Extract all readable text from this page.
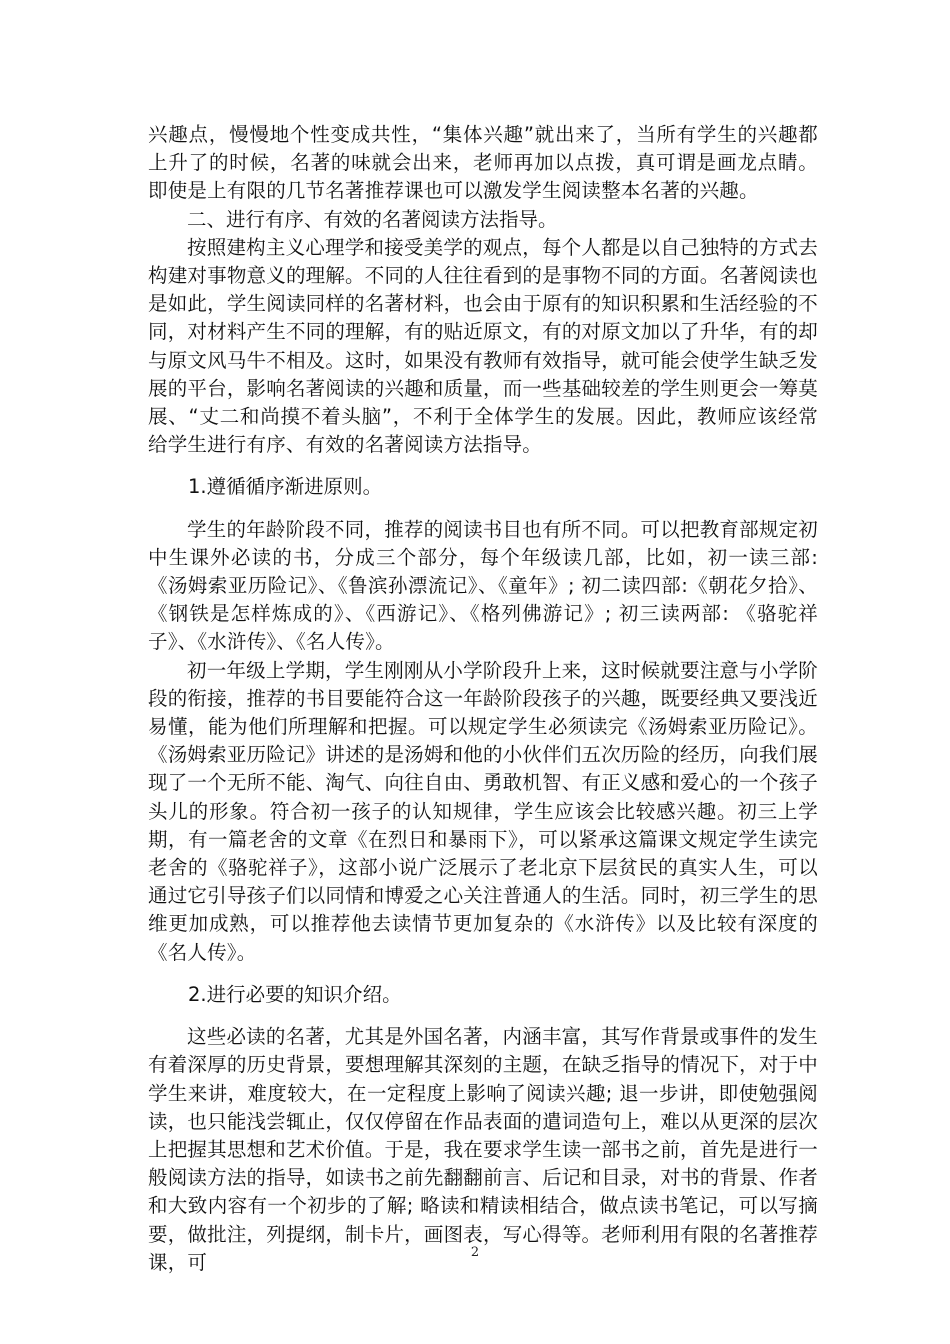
兴趣点，慢慢地个性变成共性，“集体兴趣”就出来了，当所有学生的兴趣都上升了的时候，名著的味就会出来，老师再加以点拨，真可谓是画龙点睛。 即使是上有限的几节名著推荐课也可以激发学生阅读整本名著的兴趣。

二、进行有序、有效的名著阅读方法指导。

按照建构主义心理学和接受美学的观点，每个人都是以自己独特的方式去构建对事物意义的理解。不同的人往往看到的是事物不同的方面。名著阅读也是如此，学生阅读同样的名著材料，也会由于原有的知识积累和生活经验的不同，对材料产生不同的理解，有的贴近原文，有的对原文加以了升华，有的却与原文风马牛不相及。这时，如果没有教师有效指导，就可能会使学生缺乏发展的平台，影响名著阅读的兴趣和质量，而一些基础较差的学生则更会一筹莫展、“丈二和尚摸不着头脑”，不利于全体学生的发展。因此，教师应该经常给学生进行有序、有效的名著阅读方法指导。

1.遵循循序渐进原则。

学生的年龄阶段不同，推荐的阅读书目也有所不同。可以把教育部规定初中生课外必读的书，分成三个部分，每个年级读几部，比如，初一读三部:《汤姆索亚历险记》、《鲁滨孙漂流记》、《童年》; 初二读四部:《朝花夕拾》、《钢铁是怎样炼成的》、《西游记》、《格列佛游记》; 初三读两部: 《骆驼祥子》、《水浒传》、《名人传》。

初一年级上学期，学生刚刚从小学阶段升上来，这时候就要注意与小学阶段的衔接，推荐的书目要能符合这一年龄阶段孩子的兴趣，既要经典又要浅近易懂，能为他们所理解和把握。可以规定学生必须读完《汤姆索亚历险记》。《汤姆索亚历险记》讲述的是汤姆和他的小伙伴们五次历险的经历，向我们展现了一个无所不能、淘气、向往自由、勇敢机智、有正义感和爱心的一个孩子头儿的形象。符合初一孩子的认知规律，学生应该会比较感兴趣。初三上学期，有一篇老舍的文章《在烈日和暴雨下》，可以紧承这篇课文规定学生读完老舍的《骆驼祥子》，这部小说广泛展示了老北京下层贫民的真实人生，可以通过它引导孩子们以同情和博爱之心关注普通人的生活。同时，初三学生的思维更加成熟，可以推荐他去读情节更加复杂的《水浒传》以及比较有深度的《名人传》。

2.进行必要的知识介绍。

这些必读的名著，尤其是外国名著，内涵丰富，其写作背景或事件的发生有着深厚的历史背景，要想理解其深刻的主题，在缺乏指导的情况下，对于中学生来讲，难度较大，在一定程度上影响了阅读兴趣; 退一步讲，即使勉强阅读，也只能浅尝辄止，仅仅停留在作品表面的遣词造句上，难以从更深的层次上把握其思想和艺术价值。于是，我在要求学生读一部书之前，首先是进行一般阅读方法的指导，如读书之前先翻翻前言、后记和目录，对书的背景、作者和大致内容有一个初步的了解; 略读和精读相结合，做点读书笔记，可以写摘要，做批注，列提纲，制卡片，画图表，写心得等。老师利用有限的名著推荐课，可	2
